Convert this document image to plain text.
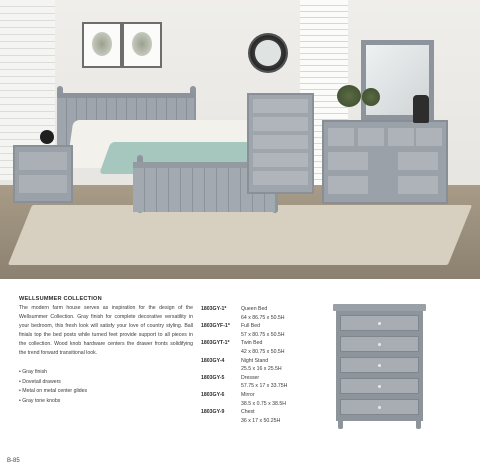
WELLSUMMER COLLECTION
The modern farm house serves as inspiration for the design of the Wellsummer Collection. Gray finish for complete decorative versatility in your bedroom, this fresh look will satisfy your love of country styling. Ball finials top the bed posts while turned feet provide support to all pieces in the collection. Wood knob hardware centers the drawer fronts solidifying the trend forward transitional look.
• Gray finish
• Dovetail drawers
• Metal on metal center glides
• Gray tone knobs
1803GY-1*	Queen Bed
64 x 86.75 x 50.5H
1803GYF-1* Full Bed
57 x 80.75 x 50.5H
1803GYT-1* Twin Bed
42 x 80.75 x 50.5H
1803GY-4	Night Stand
25.5 x 16 x 25.5H
1803GY-5	Dresser
57.75 x 17 x 33.75H
1803GY-6	Mirror
38.5 x 0.75 x 38.5H
1803GY-9	Chest
36 x 17 x 50.25H
B-85
